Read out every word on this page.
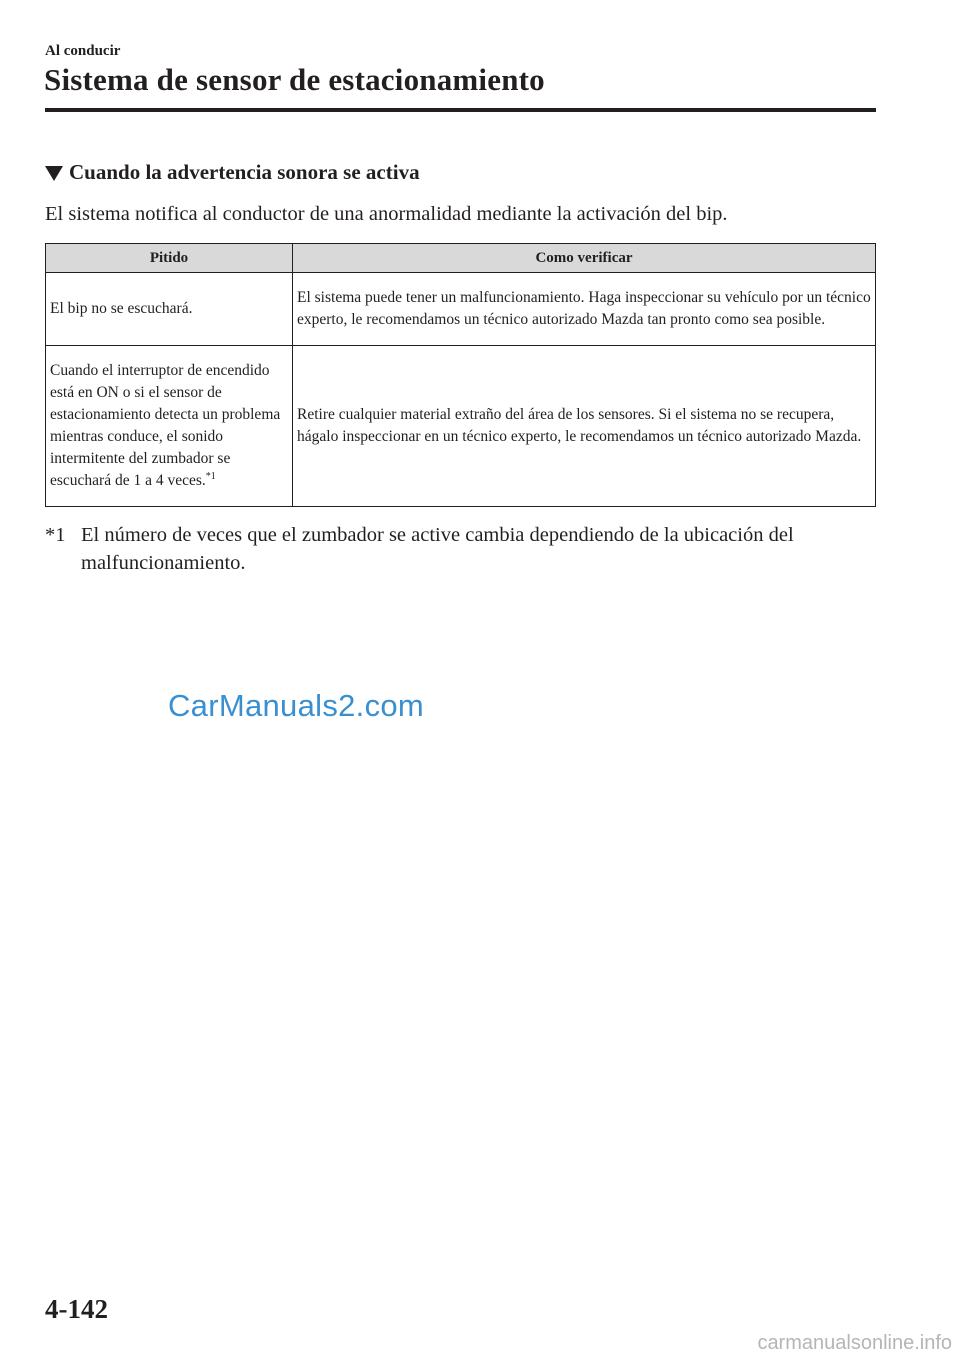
Al conducir
Sistema de sensor de estacionamiento
Cuando la advertencia sonora se activa
El sistema notifica al conductor de una anormalidad mediante la activación del bip.
Pitido	Como verificar
El bip no se escuchará.	El sistema puede tener un malfuncionamiento. Haga inspeccionar su vehículo por un técnico experto, le recomendamos un técnico autorizado Mazda tan pronto como sea posible.
Cuando el interruptor de encendido está en ON o si el sensor de estacionamiento detecta un problema mientras conduce, el sonido intermitente del zumbador se escuchará de 1 a 4 veces.$^{*1}$	Retire cualquier material extraño del área de los sensores. Si el sistema no se recupera, hágalo inspeccionar en un técnico experto, le recomendamos un técnico autorizado Mazda.
*1 El número de veces que el zumbador se active cambia dependiendo de la ubicación del malfuncionamiento.
CarManuals2.com
4-142
carmanualsonline.info
